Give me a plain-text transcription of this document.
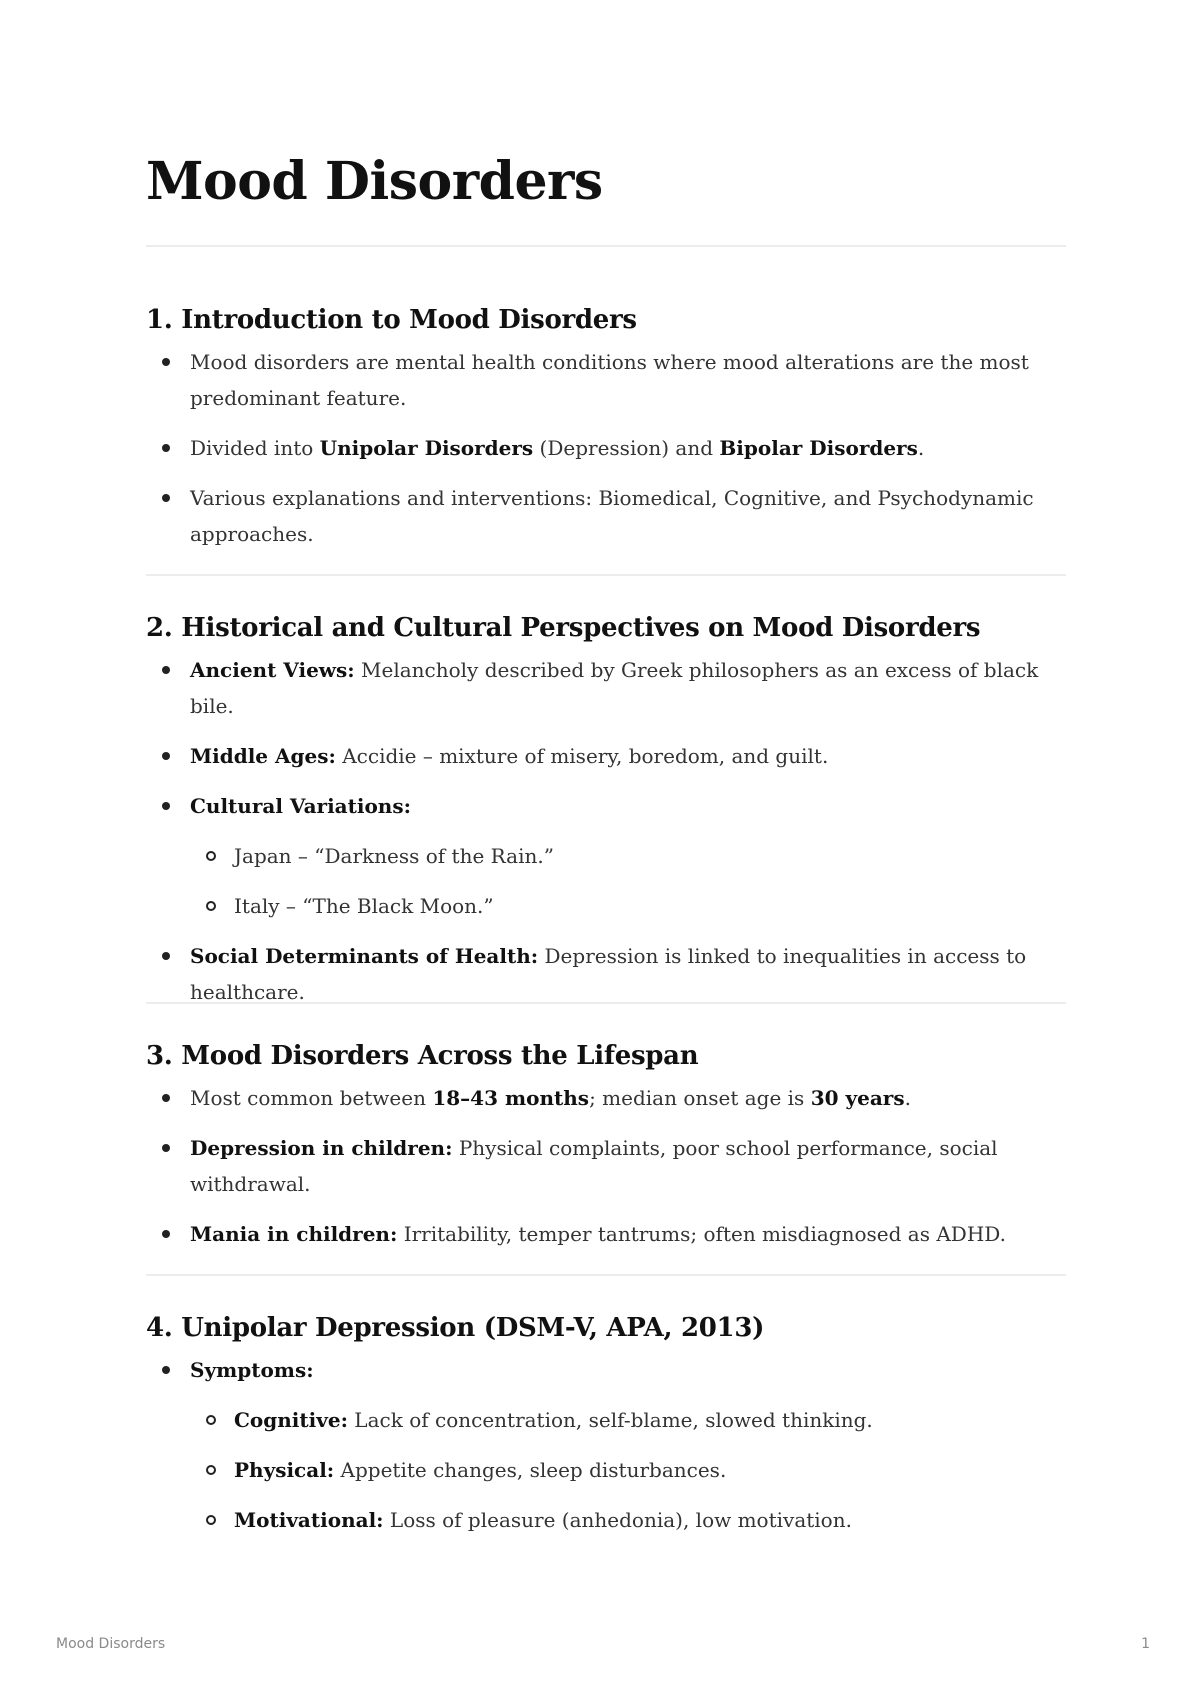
Mood Disorders
1. Introduction to Mood Disorders
Mood disorders are mental health conditions where mood alterations are the most predominant feature.
Divided into Unipolar Disorders (Depression) and Bipolar Disorders.
Various explanations and interventions: Biomedical, Cognitive, and Psychodynamic approaches.
2. Historical and Cultural Perspectives on Mood Disorders
Ancient Views: Melancholy described by Greek philosophers as an excess of black bile.
Middle Ages: Accidie – mixture of misery, boredom, and guilt.
Cultural Variations:
Japan – “Darkness of the Rain.”
Italy – “The Black Moon.”
Social Determinants of Health: Depression is linked to inequalities in access to healthcare.
3. Mood Disorders Across the Lifespan
Most common between 18–43 months; median onset age is 30 years.
Depression in children: Physical complaints, poor school performance, social withdrawal.
Mania in children: Irritability, temper tantrums; often misdiagnosed as ADHD.
4. Unipolar Depression (DSM-V, APA, 2013)
Symptoms:
Cognitive: Lack of concentration, self-blame, slowed thinking.
Physical: Appetite changes, sleep disturbances.
Motivational: Loss of pleasure (anhedonia), low motivation.
Mood Disorders	1
